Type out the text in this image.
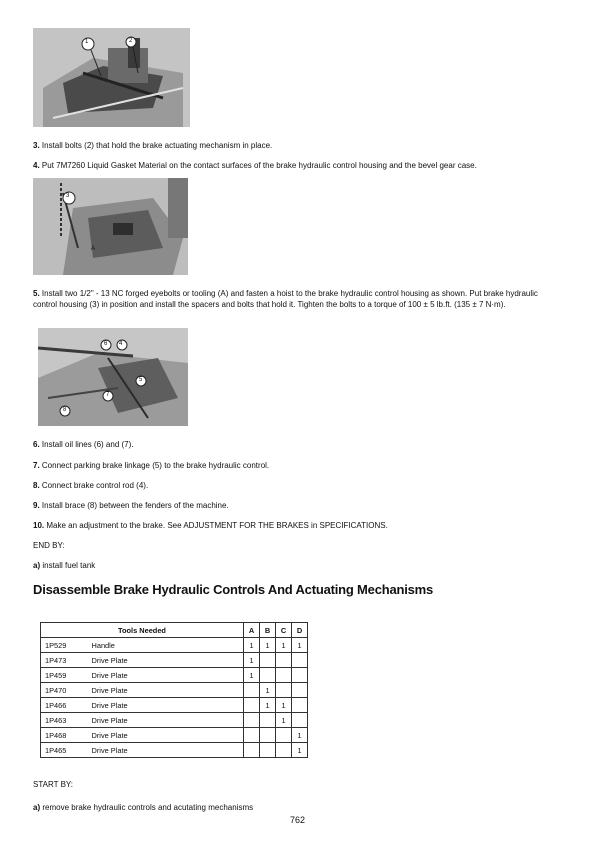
1	2
3. Install bolts (2) that hold the brake actuating mechanism in place.
4. Put 7M7260 Liquid Gasket Material on the contact surfaces of the brake hydraulic control housing and the bevel gear case.
3
A
5. Install two 1/2" - 13 NC forged eyebolts or tooling (A) and fasten a hoist to the brake hydraulic control housing as shown. Put brake hydraulic control housing (3) in position and install the spacers and bolts that hold it. Tighten the bolts to a torque of 100 ± 5 lb.ft. (135 ± 7 N·m).
4
5
6
7
8
6. Install oil lines (6) and (7).
7. Connect parking brake linkage (5) to the brake hydraulic control.
8. Connect brake control rod (4).
9. Install brace (8) between the fenders of the machine.
10. Make an adjustment to the brake. See ADJUSTMENT FOR THE BRAKES in SPECIFICATIONS.
END BY:
a) install fuel tank
Disassemble Brake Hydraulic Controls And Actuating Mechanisms
Tools Needed		A	B	C	D
1P529	Handle	1	1	1	1
1P473	Drive Plate	1			
1P459	Drive Plate	1			
1P470	Drive Plate		1		
1P466	Drive Plate		1	1	
1P463	Drive Plate			1	
1P468	Drive Plate				1
1P465	Drive Plate				1
START BY:
a) remove brake hydraulic controls and acutating mechanisms
762
